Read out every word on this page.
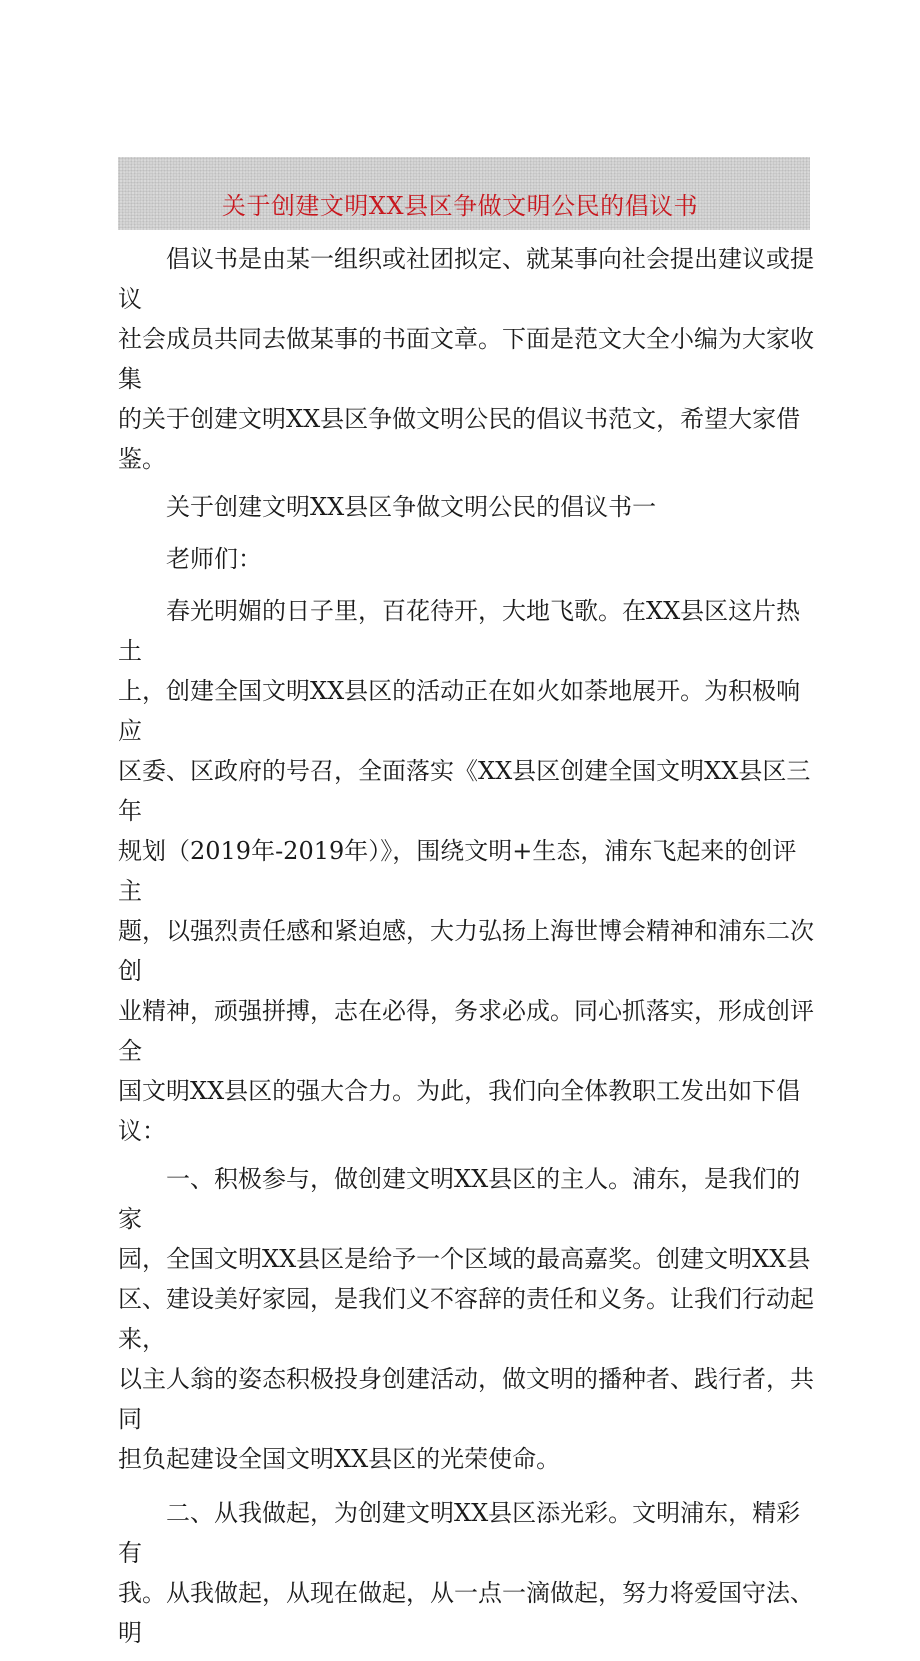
关于创建文明XX县区争做文明公民的倡议书

倡议书是由某一组织或社团拟定、就某事向社会提出建议或提议
社会成员共同去做某事的书面文章。下面是范文大全小编为大家收集
的关于创建文明XX县区争做文明公民的倡议书范文，希望大家借鉴。

关于创建文明XX县区争做文明公民的倡议书一

老师们：

春光明媚的日子里，百花待开，大地飞歌。在XX县区这片热土
上，创建全国文明XX县区的活动正在如火如荼地展开。为积极响应
区委、区政府的号召，全面落实《XX县区创建全国文明XX县区三年
规划（2019年-2019年）》，围绕文明+生态，浦东飞起来的创评主
题，以强烈责任感和紧迫感，大力弘扬上海世博会精神和浦东二次创
业精神，顽强拼搏，志在必得，务求必成。同心抓落实，形成创评全
国文明XX县区的强大合力。为此，我们向全体教职工发出如下倡议：

一、积极参与，做创建文明XX县区的主人。浦东，是我们的家
园，全国文明XX县区是给予一个区域的最高嘉奖。创建文明XX县
区、建设美好家园，是我们义不容辞的责任和义务。让我们行动起来，
以主人翁的姿态积极投身创建活动，做文明的播种者、践行者，共同
担负起建设全国文明XX县区的光荣使命。

二、从我做起，为创建文明XX县区添光彩。文明浦东，精彩有
我。从我做起，从现在做起，从一点一滴做起，努力将爱国守法、明
